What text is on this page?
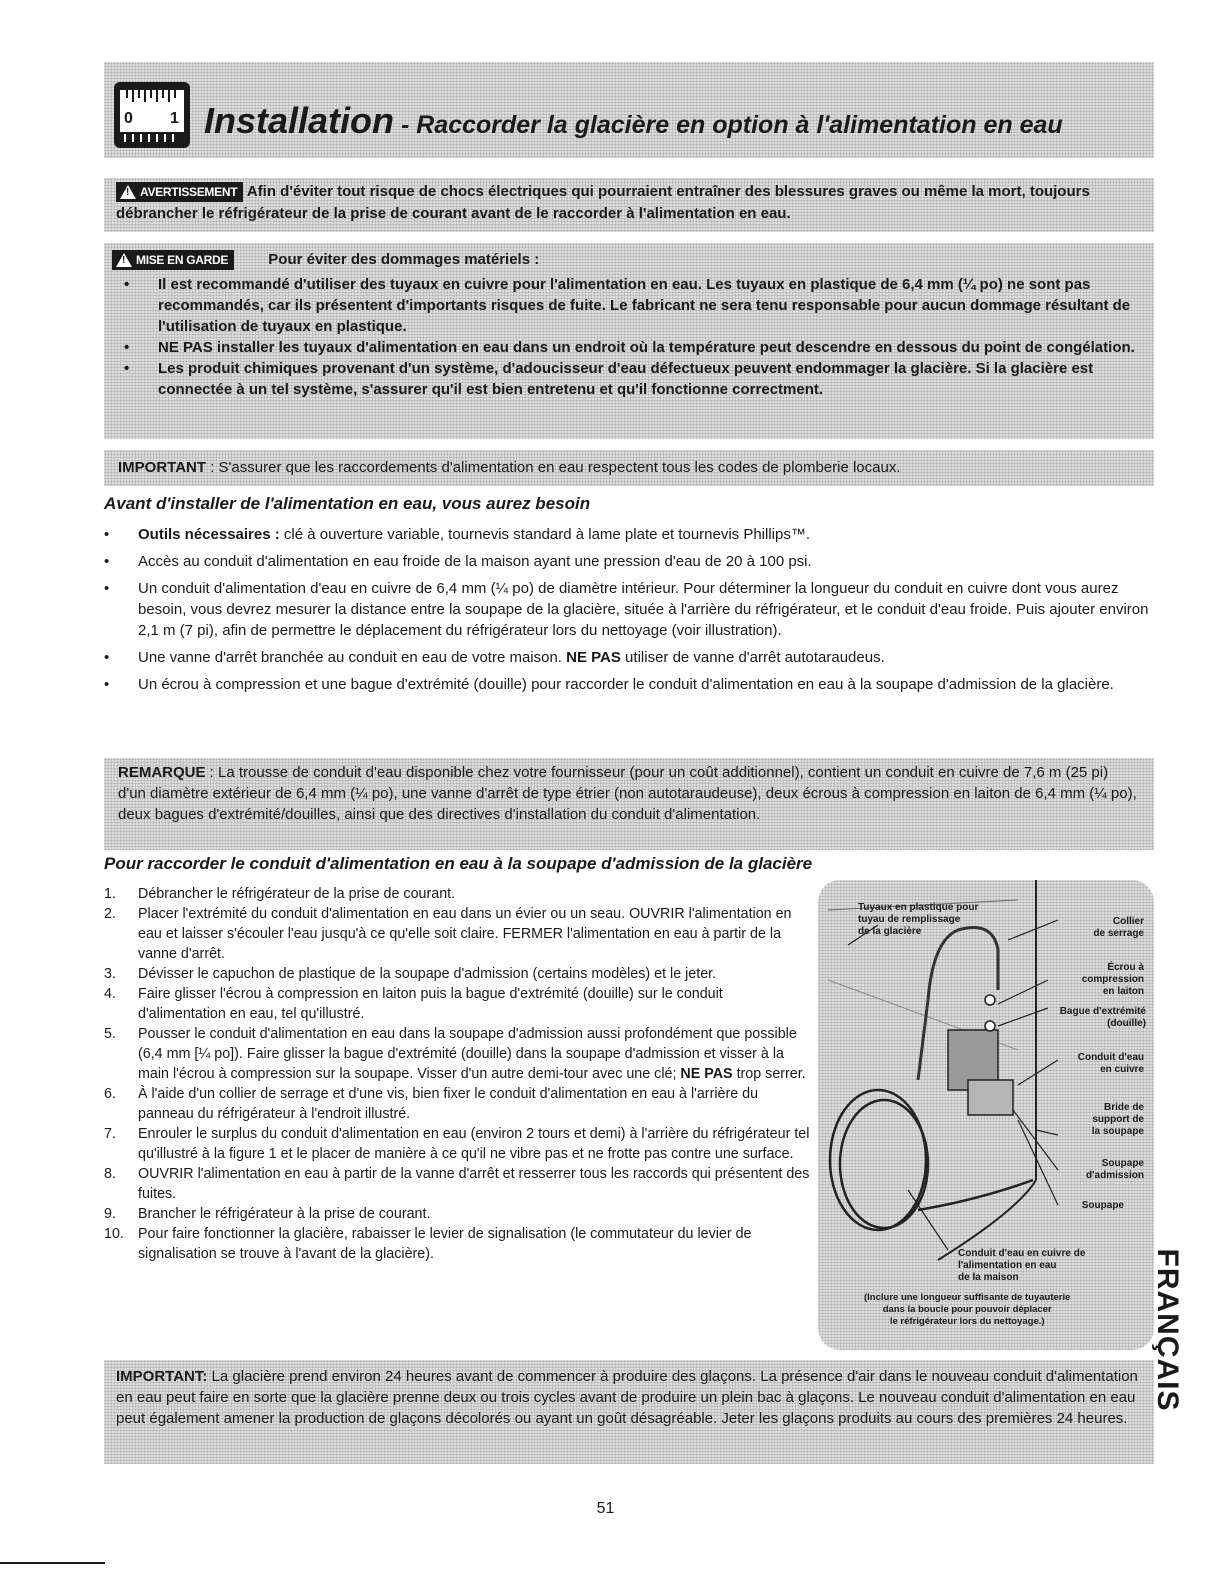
0 1 Installation - Raccorder la glacière en option à l'alimentation en eau
!
AVERTISSEMENT Afin d'éviter tout risque de chocs électriques qui pourraient entraîner des blessures graves ou même la mort, toujours débrancher le réfrigérateur de la prise de courant avant de le raccorder à l'alimentation en eau.
!
MISE EN GARDE	Pour éviter des dommages matériels :
• Il est recommandé d'utiliser des tuyaux en cuivre pour l'alimentation en eau. Les tuyaux en plastique de 6,4 mm (¼ po) ne sont pas recommandés, car ils présentent d'importants risques de fuite. Le fabricant ne sera tenu responsable pour aucun dommage résultant de l'utilisation de tuyaux en plastique.
• NE PAS installer les tuyaux d'alimentation en eau dans un endroit où la température peut descendre en dessous du point de congélation.
• Les produit chimiques provenant d'un système, d'adoucisseur d'eau défectueux peuvent endommager la glacière. Si la glacière est connectée à un tel système, s'assurer qu'il est bien entretenu et qu'il fonctionne correctment.
IMPORTANT : S'assurer que les raccordements d'alimentation en eau respectent tous les codes de plomberie locaux.
Avant d'installer de l'alimentation en eau, vous aurez besoin
• Outils nécessaires : clé à ouverture variable, tournevis standard à lame plate et tournevis Phillips™.
• Accès au conduit d'alimentation en eau froide de la maison ayant une pression d'eau de 20 à 100 psi.
• Un conduit d'alimentation d'eau en cuivre de 6,4 mm (¼ po) de diamètre intérieur. Pour déterminer la longueur du conduit en cuivre dont vous aurez besoin, vous devrez mesurer la distance entre la soupape de la glacière, située à l'arrière du réfrigérateur, et le conduit d'eau froide. Puis ajouter environ 2,1 m (7 pi), afin de permettre le déplacement du réfrigérateur lors du nettoyage (voir illustration).
• Une vanne d'arrêt branchée au conduit en eau de votre maison. NE PAS utiliser de vanne d'arrêt autotaraudeus.
• Un écrou à compression et une bague d'extrémité (douille) pour raccorder le conduit d'alimentation en eau à la soupape d'admission de la glacière.
REMARQUE : La trousse de conduit d'eau disponible chez votre fournisseur (pour un coût additionnel), contient un conduit en cuivre de 7,6 m (25 pi) d'un diamètre extérieur de 6,4 mm (¼ po), une vanne d'arrêt de type étrier (non autotaraudeuse), deux écrous à compression en laiton de 6,4 mm (¼ po), deux bagues d'extrémité/douilles, ainsi que des directives d'installation du conduit d'alimentation.
Pour raccorder le conduit d'alimentation en eau à la soupape d'admission de la glacière
1. Débrancher le réfrigérateur de la prise de courant.
2. Placer l'extrémité du conduit d'alimentation en eau dans un évier ou un seau. OUVRIR l'alimentation en eau et laisser s'écouler l'eau jusqu'à ce qu'elle soit claire. FERMER l'alimentation en eau à partir de la vanne d'arrêt.
3. Dévisser le capuchon de plastique de la soupape d'admission (certains modèles) et le jeter.
4. Faire glisser l'écrou à compression en laiton puis la bague d'extrémité (douille) sur le conduit d'alimentation en eau, tel qu'illustré.
5. Pousser le conduit d'alimentation en eau dans la soupape d'admission aussi profondément que possible (6,4 mm [¼ po]). Faire glisser la bague d'extrémité (douille) dans la soupape d'admission et visser à la main l'écrou à compression sur la soupape. Visser d'un autre demi-tour avec une clé; NE PAS trop serrer.
6. À l'aide d'un collier de serrage et d'une vis, bien fixer le conduit d'alimentation en eau à l'arrière du panneau du réfrigérateur à l'endroit illustré.
7. Enrouler le surplus du conduit d'alimentation en eau (environ 2 tours et demi) à l'arrière du réfrigérateur tel qu'illustré à la figure 1 et le placer de manière à ce qu'il ne vibre pas et ne frotte pas contre une surface.
8. OUVRIR l'alimentation en eau à partir de la vanne d'arrêt et resserrer tous les raccords qui présentent des fuites.
9. Brancher le réfrigérateur à la prise de courant.
10. Pour faire fonctionner la glacière, rabaisser le levier de signalisation (le commutateur du levier de signalisation se trouve à l'avant de la glacière).
Tuyaux en plastique pour
tuyau de remplissage
de la glacière
Collier
de serrage
Écrou à
compression
en laiton
Bague d'extrémité
(douille)
Conduit d'eau
en cuivre
Bride de
support de
la soupape
Soupape
d'admission
Soupape
Conduit d'eau en cuivre de
l'alimentation en eau
de la maison
(Inclure une longueur suffisante de tuyauterie
dans la boucle pour pouvoir déplacer
le réfrigérateur lors du nettoyage.)
IMPORTANT: La glacière prend environ 24 heures avant de commencer à produire des glaçons. La présence d'air dans le nouveau conduit d'alimentation en eau peut faire en sorte que la glacière prenne deux ou trois cycles avant de produire un plein bac à glaçons. Le nouveau conduit d'alimentation en eau peut également amener la production de glaçons décolorés ou ayant un goût désagréable. Jeter les glaçons produits au cours des premières 24 heures.
FRANÇAIS
51
